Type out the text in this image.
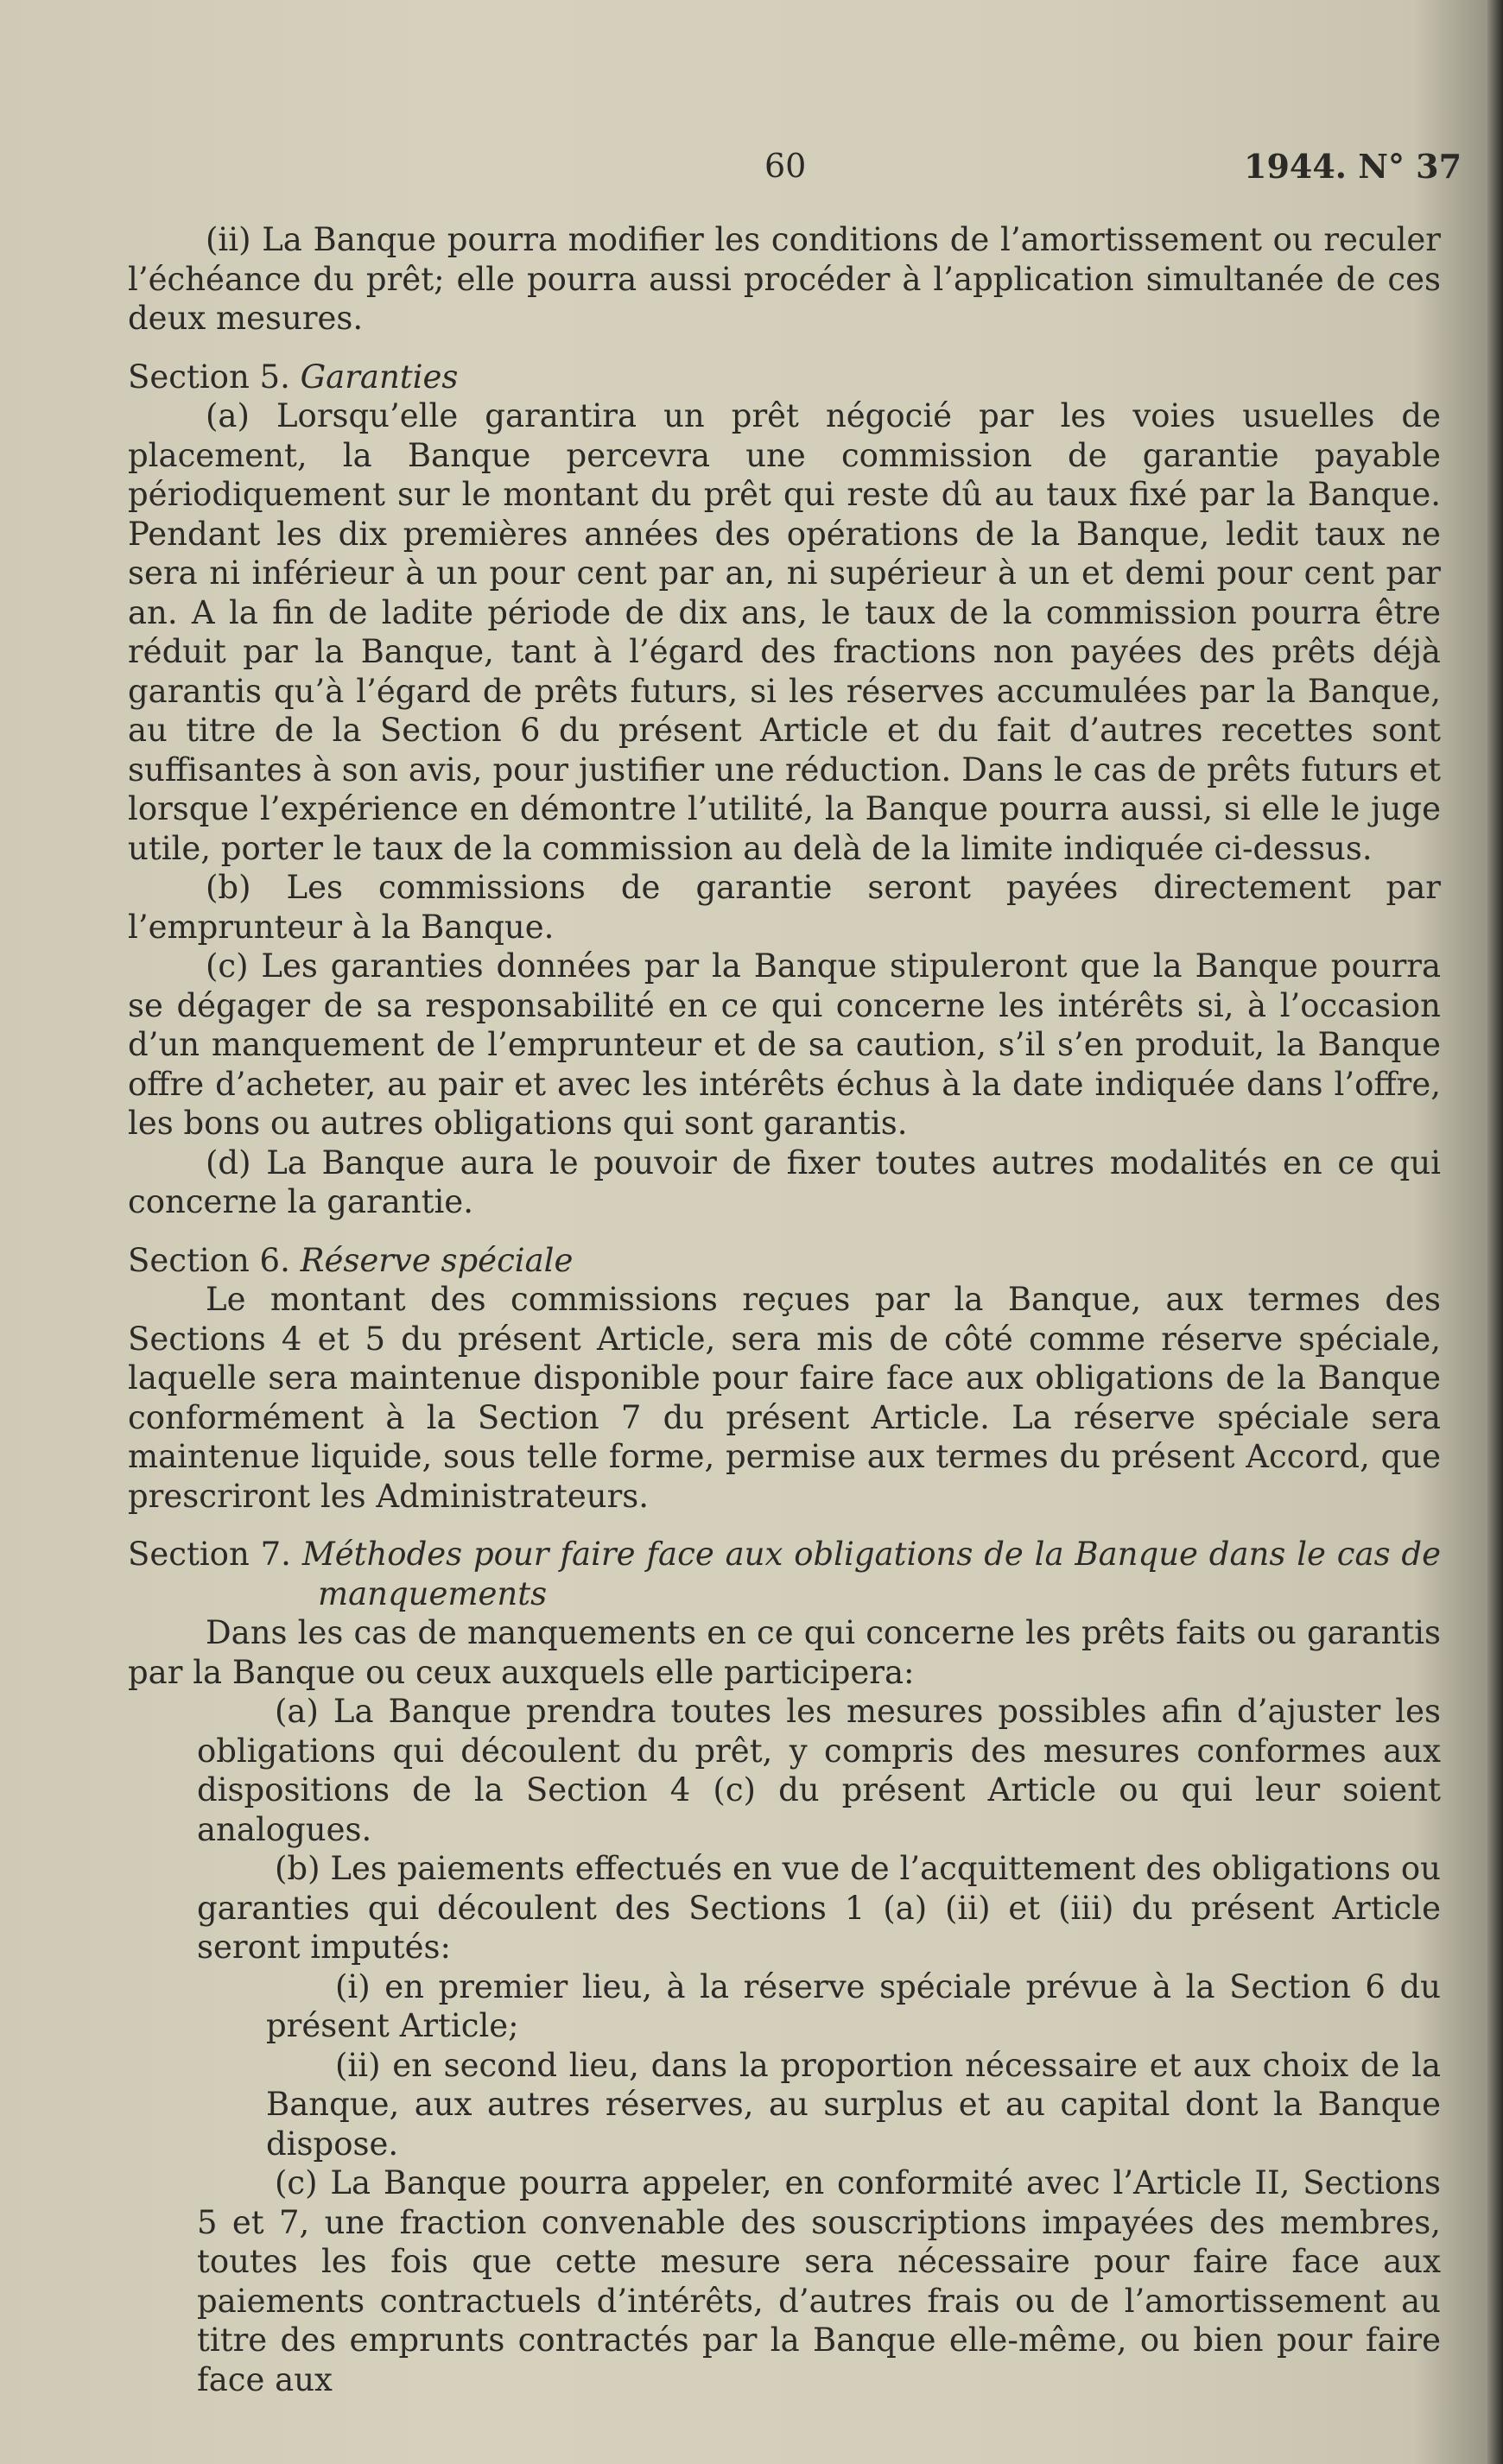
60	1944. N° 37

(ii) La Banque pourra modifier les conditions de l’amortissement ou reculer l’échéance du prêt; elle pourra aussi procéder à l’application simultanée de ces deux mesures.

Section 5. Garanties

(a) Lorsqu’elle garantira un prêt négocié par les voies usuelles de placement, la Banque percevra une commission de garantie payable périodiquement sur le montant du prêt qui reste dû au taux fixé par la Banque. Pendant les dix premières années des opérations de la Banque, ledit taux ne sera ni inférieur à un pour cent par an, ni supérieur à un et demi pour cent par an. A la fin de ladite période de dix ans, le taux de la commission pourra être réduit par la Banque, tant à l’égard des fractions non payées des prêts déjà garantis qu’à l’égard de prêts futurs, si les réserves accumulées par la Banque, au titre de la Section 6 du présent Article et du fait d’autres recettes sont suffisantes à son avis, pour justifier une réduction. Dans le cas de prêts futurs et lorsque l’expérience en démontre l’utilité, la Banque pourra aussi, si elle le juge utile, porter le taux de la commission au delà de la limite indiquée ci-dessus.

(b) Les commissions de garantie seront payées directement par l’emprunteur à la Banque.

(c) Les garanties données par la Banque stipuleront que la Banque pourra se dégager de sa responsabilité en ce qui concerne les intérêts si, à l’occasion d’un manquement de l’emprunteur et de sa caution, s’il s’en produit, la Banque offre d’acheter, au pair et avec les intérêts échus à la date indiquée dans l’offre, les bons ou autres obligations qui sont garantis.

(d) La Banque aura le pouvoir de fixer toutes autres modalités en ce qui concerne la garantie.

Section 6. Réserve spéciale

Le montant des commissions reçues par la Banque, aux termes des Sections 4 et 5 du présent Article, sera mis de côté comme réserve spéciale, laquelle sera maintenue disponible pour faire face aux obligations de la Banque conformément à la Section 7 du présent Article. La réserve spéciale sera maintenue liquide, sous telle forme, permise aux termes du présent Accord, que prescriront les Administrateurs.

Section 7. Méthodes pour faire face aux obligations de la Banque dans le cas de manquements

Dans les cas de manquements en ce qui concerne les prêts faits ou garantis par la Banque ou ceux auxquels elle participera:

(a) La Banque prendra toutes les mesures possibles afin d’ajuster les obligations qui découlent du prêt, y compris des mesures conformes aux dispositions de la Section 4 (c) du présent Article ou qui leur soient analogues.

(b) Les paiements effectués en vue de l’acquittement des obligations ou garanties qui découlent des Sections 1 (a) (ii) et (iii) du présent Article seront imputés:

(i) en premier lieu, à la réserve spéciale prévue à la Section 6 du présent Article;

(ii) en second lieu, dans la proportion nécessaire et aux choix de la Banque, aux autres réserves, au surplus et au capital dont la Banque dispose.

(c) La Banque pourra appeler, en conformité avec l’Article II, Sections 5 et 7, une fraction convenable des souscriptions impayées des membres, toutes les fois que cette mesure sera nécessaire pour faire face aux paiements contractuels d’intérêts, d’autres frais ou de l’amortissement au titre des emprunts contractés par la Banque elle-même, ou bien pour faire face aux
